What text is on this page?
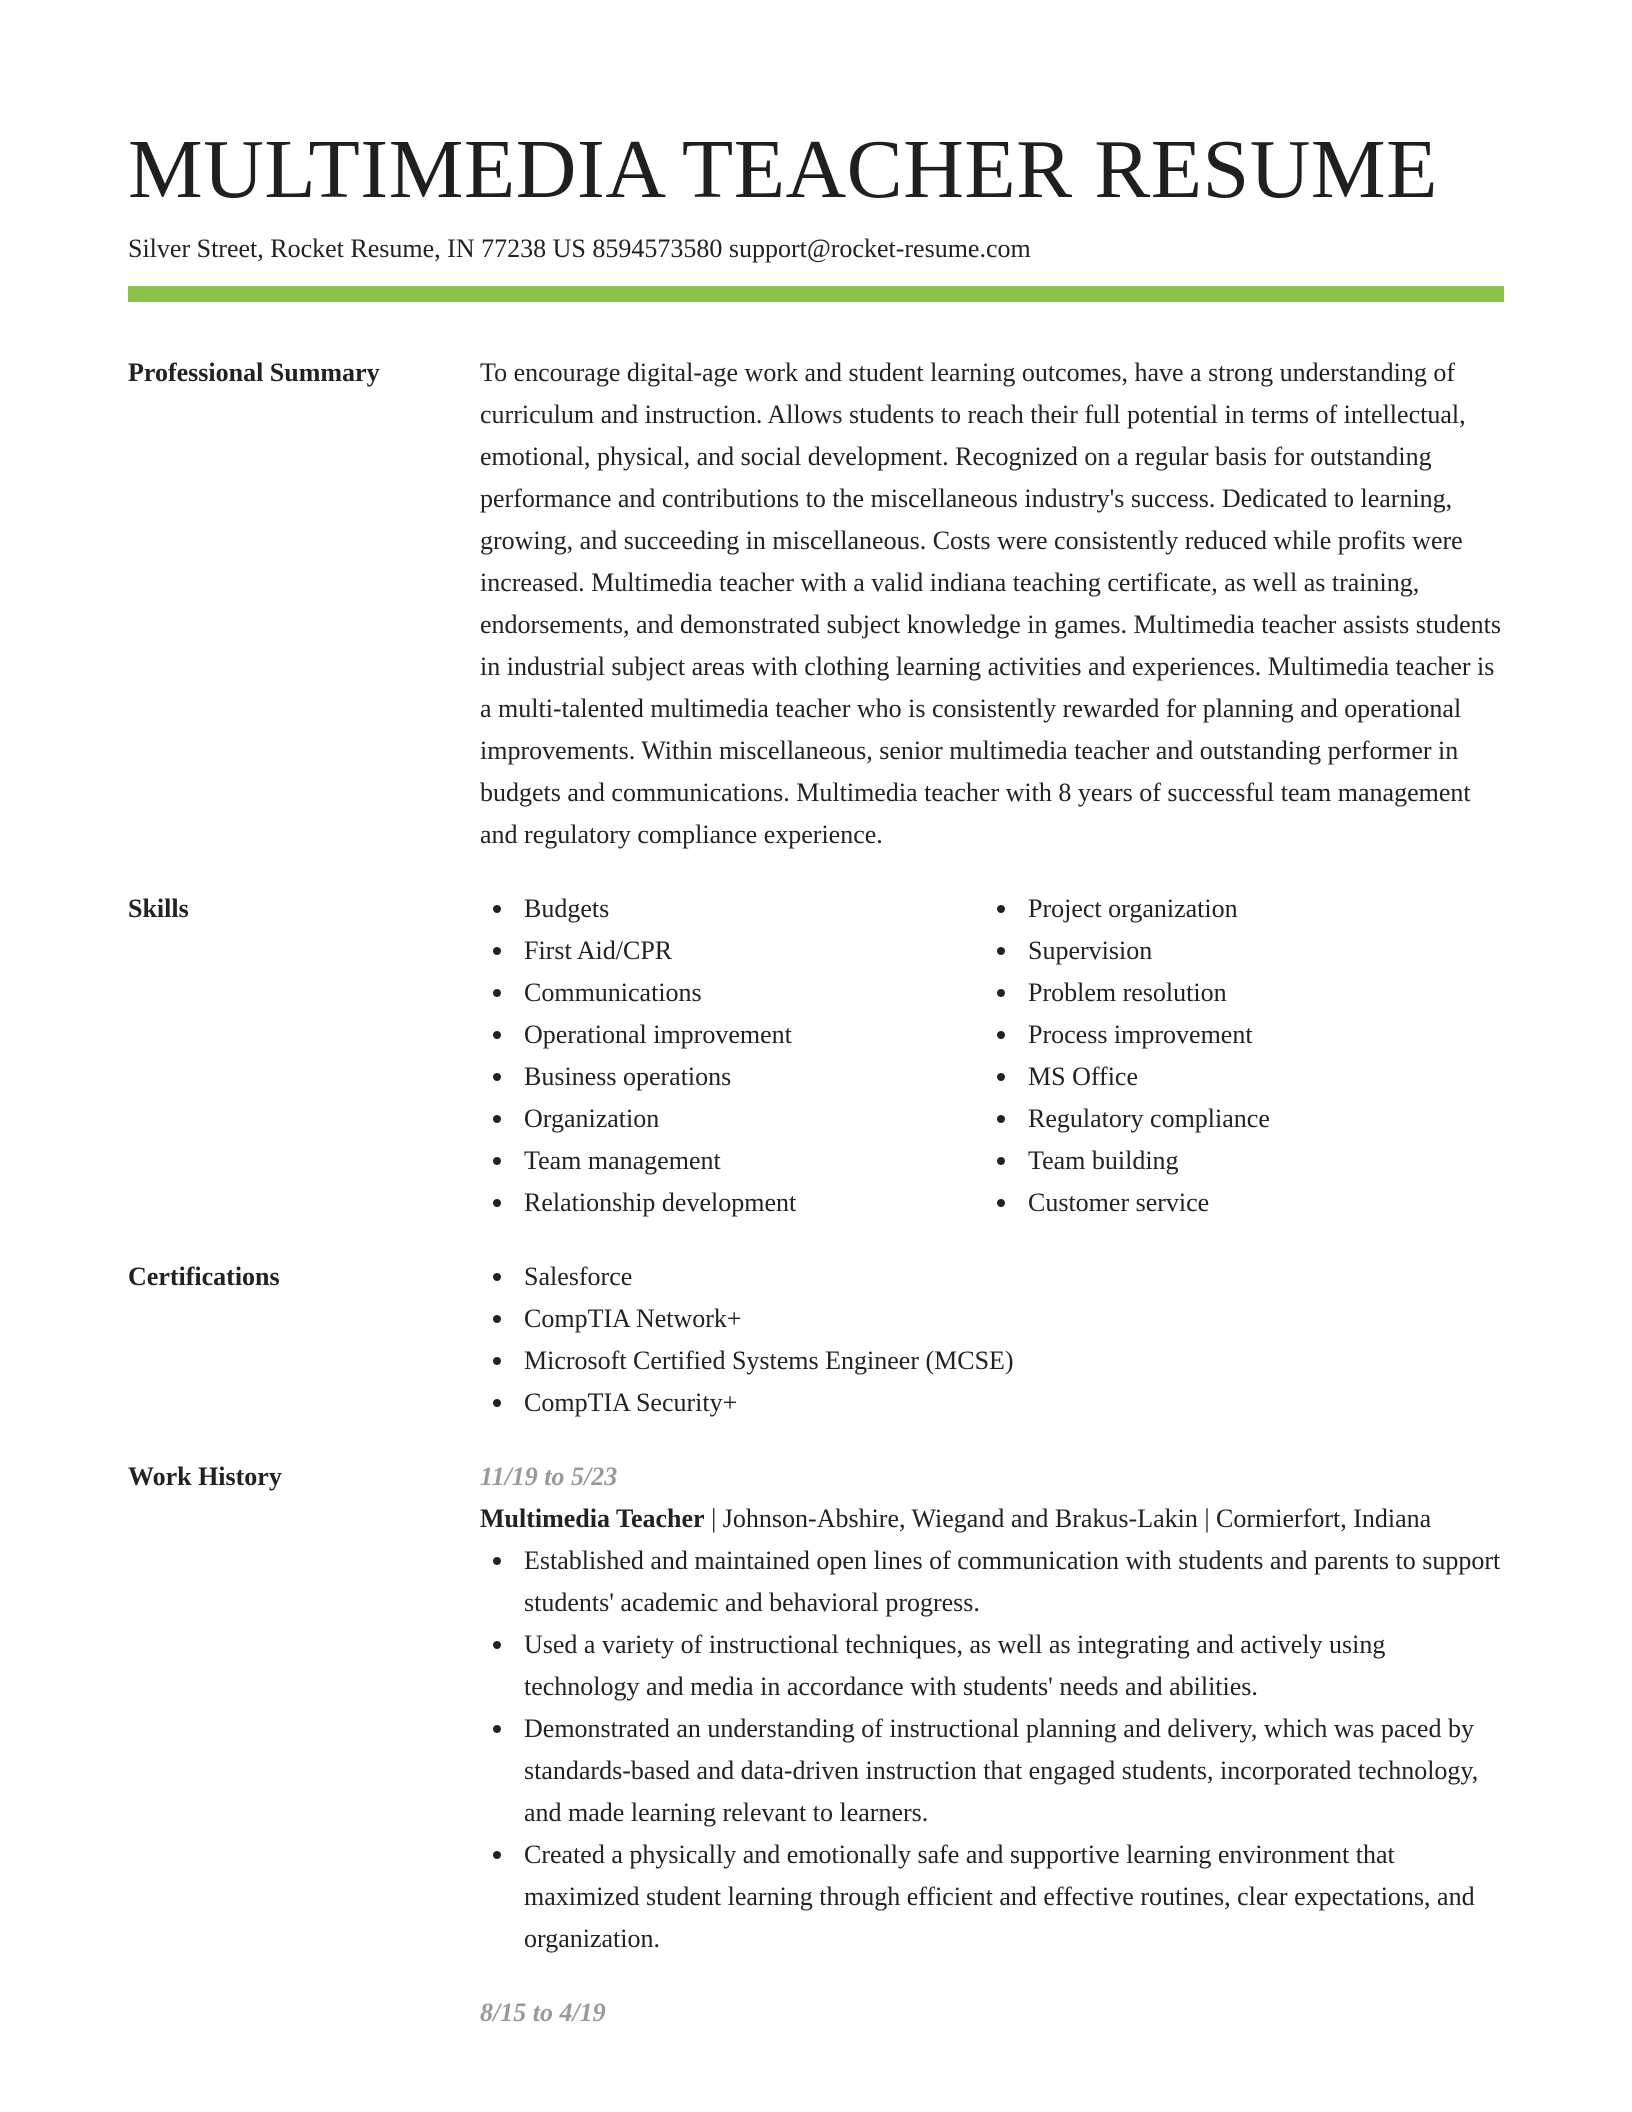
MULTIMEDIA TEACHER RESUME
Silver Street, Rocket Resume, IN 77238 US 8594573580 support@rocket-resume.com
Professional Summary	To encourage digital-age work and student learning outcomes, have a strong understanding of curriculum and instruction. Allows students to reach their full potential in terms of intellectual, emotional, physical, and social development. Recognized on a regular basis for outstanding performance and contributions to the miscellaneous industry's success. Dedicated to learning, growing, and succeeding in miscellaneous. Costs were consistently reduced while profits were increased. Multimedia teacher with a valid indiana teaching certificate, as well as training, endorsements, and demonstrated subject knowledge in games. Multimedia teacher assists students in industrial subject areas with clothing learning activities and experiences. Multimedia teacher is a multi-talented multimedia teacher who is consistently rewarded for planning and operational improvements. Within miscellaneous, senior multimedia teacher and outstanding performer in budgets and communications. Multimedia teacher with 8 years of successful team management and regulatory compliance experience.
Skills	Budgets
First Aid/CPR
Communications
Operational improvement
Business operations
Organization
Team management
Relationship development
Project organization
Supervision
Problem resolution
Process improvement
MS Office
Regulatory compliance
Team building
Customer service
Certifications	Salesforce
CompTIA Network+
Microsoft Certified Systems Engineer (MCSE)
CompTIA Security+
Work History	11/19 to 5/23
Multimedia Teacher | Johnson-Abshire, Wiegand and Brakus-Lakin | Cormierfort, Indiana
Established and maintained open lines of communication with students and parents to support students' academic and behavioral progress.
Used a variety of instructional techniques, as well as integrating and actively using technology and media in accordance with students' needs and abilities.
Demonstrated an understanding of instructional planning and delivery, which was paced by standards-based and data-driven instruction that engaged students, incorporated technology, and made learning relevant to learners.
Created a physically and emotionally safe and supportive learning environment that maximized student learning through efficient and effective routines, clear expectations, and organization.
8/15 to 4/19
